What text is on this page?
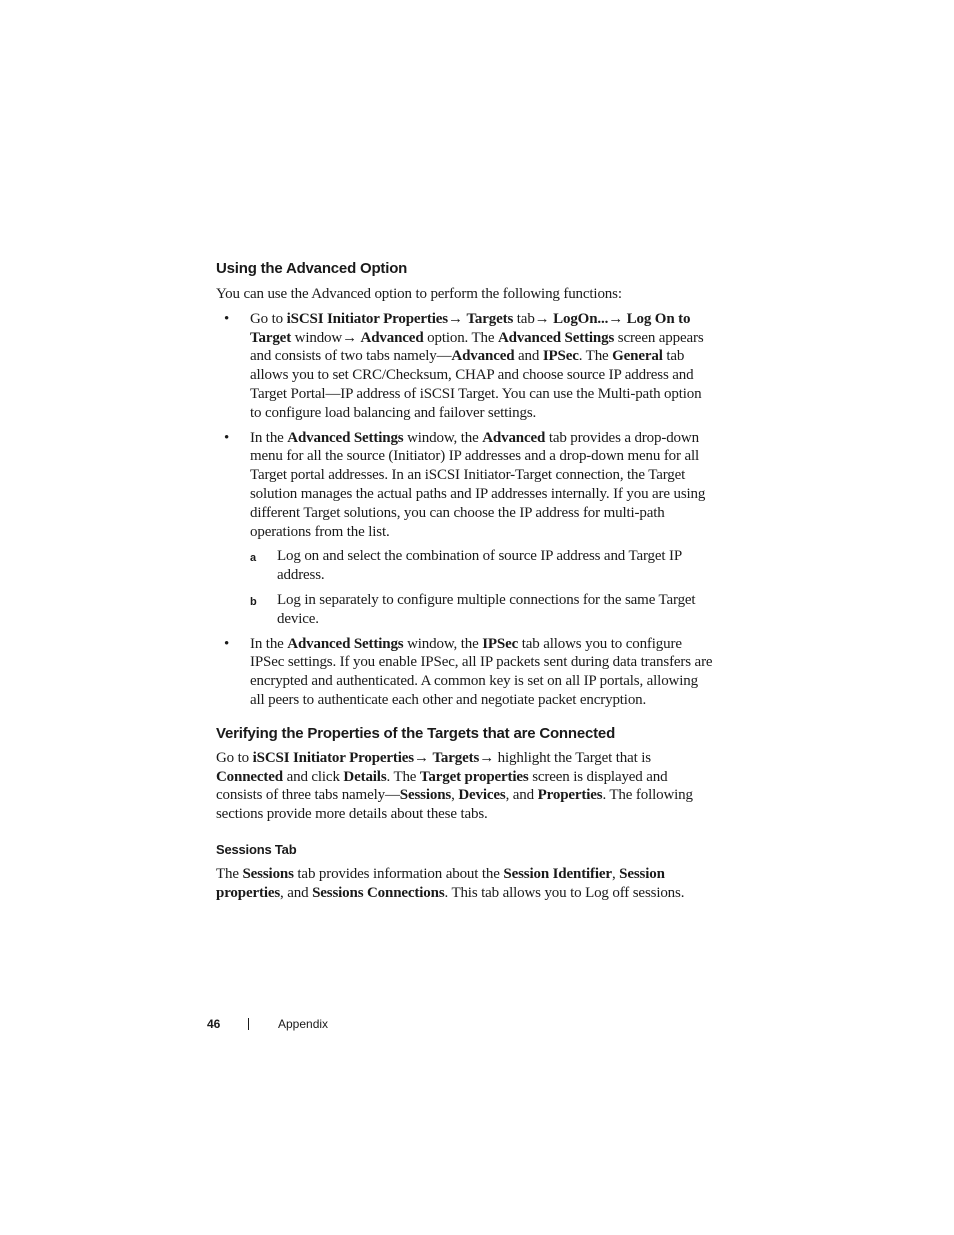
Using the Advanced Option

You can use the Advanced option to perform the following functions:

• Go to iSCSI Initiator Properties→ Targets tab→ LogOn...→ Log On to Target window→ Advanced option. The Advanced Settings screen appears and consists of two tabs namely—Advanced and IPSec. The General tab allows you to set CRC/Checksum, CHAP and choose source IP address and Target Portal—IP address of iSCSI Target. You can use the Multi-path option to configure load balancing and failover settings.
• In the Advanced Settings window, the Advanced tab provides a drop-down menu for all the source (Initiator) IP addresses and a drop-down menu for all Target portal addresses. In an iSCSI Initiator-Target connection, the Target solution manages the actual paths and IP addresses internally. If you are using different Target solutions, you can choose the IP address for multi-path operations from the list.
a Log on and select the combination of source IP address and Target IP address.
b Log in separately to configure multiple connections for the same Target device.
• In the Advanced Settings window, the IPSec tab allows you to configure IPSec settings. If you enable IPSec, all IP packets sent during data transfers are encrypted and authenticated. A common key is set on all IP portals, allowing all peers to authenticate each other and negotiate packet encryption.
Verifying the Properties of the Targets that are Connected

Go to iSCSI Initiator Properties→ Targets→ highlight the Target that is Connected and click Details. The Target properties screen is displayed and consists of three tabs namely—Sessions, Devices, and Properties. The following sections provide more details about these tabs.

Sessions Tab

The Sessions tab provides information about the Session Identifier, Session properties, and Sessions Connections. This tab allows you to Log off sessions.

46	Appendix
